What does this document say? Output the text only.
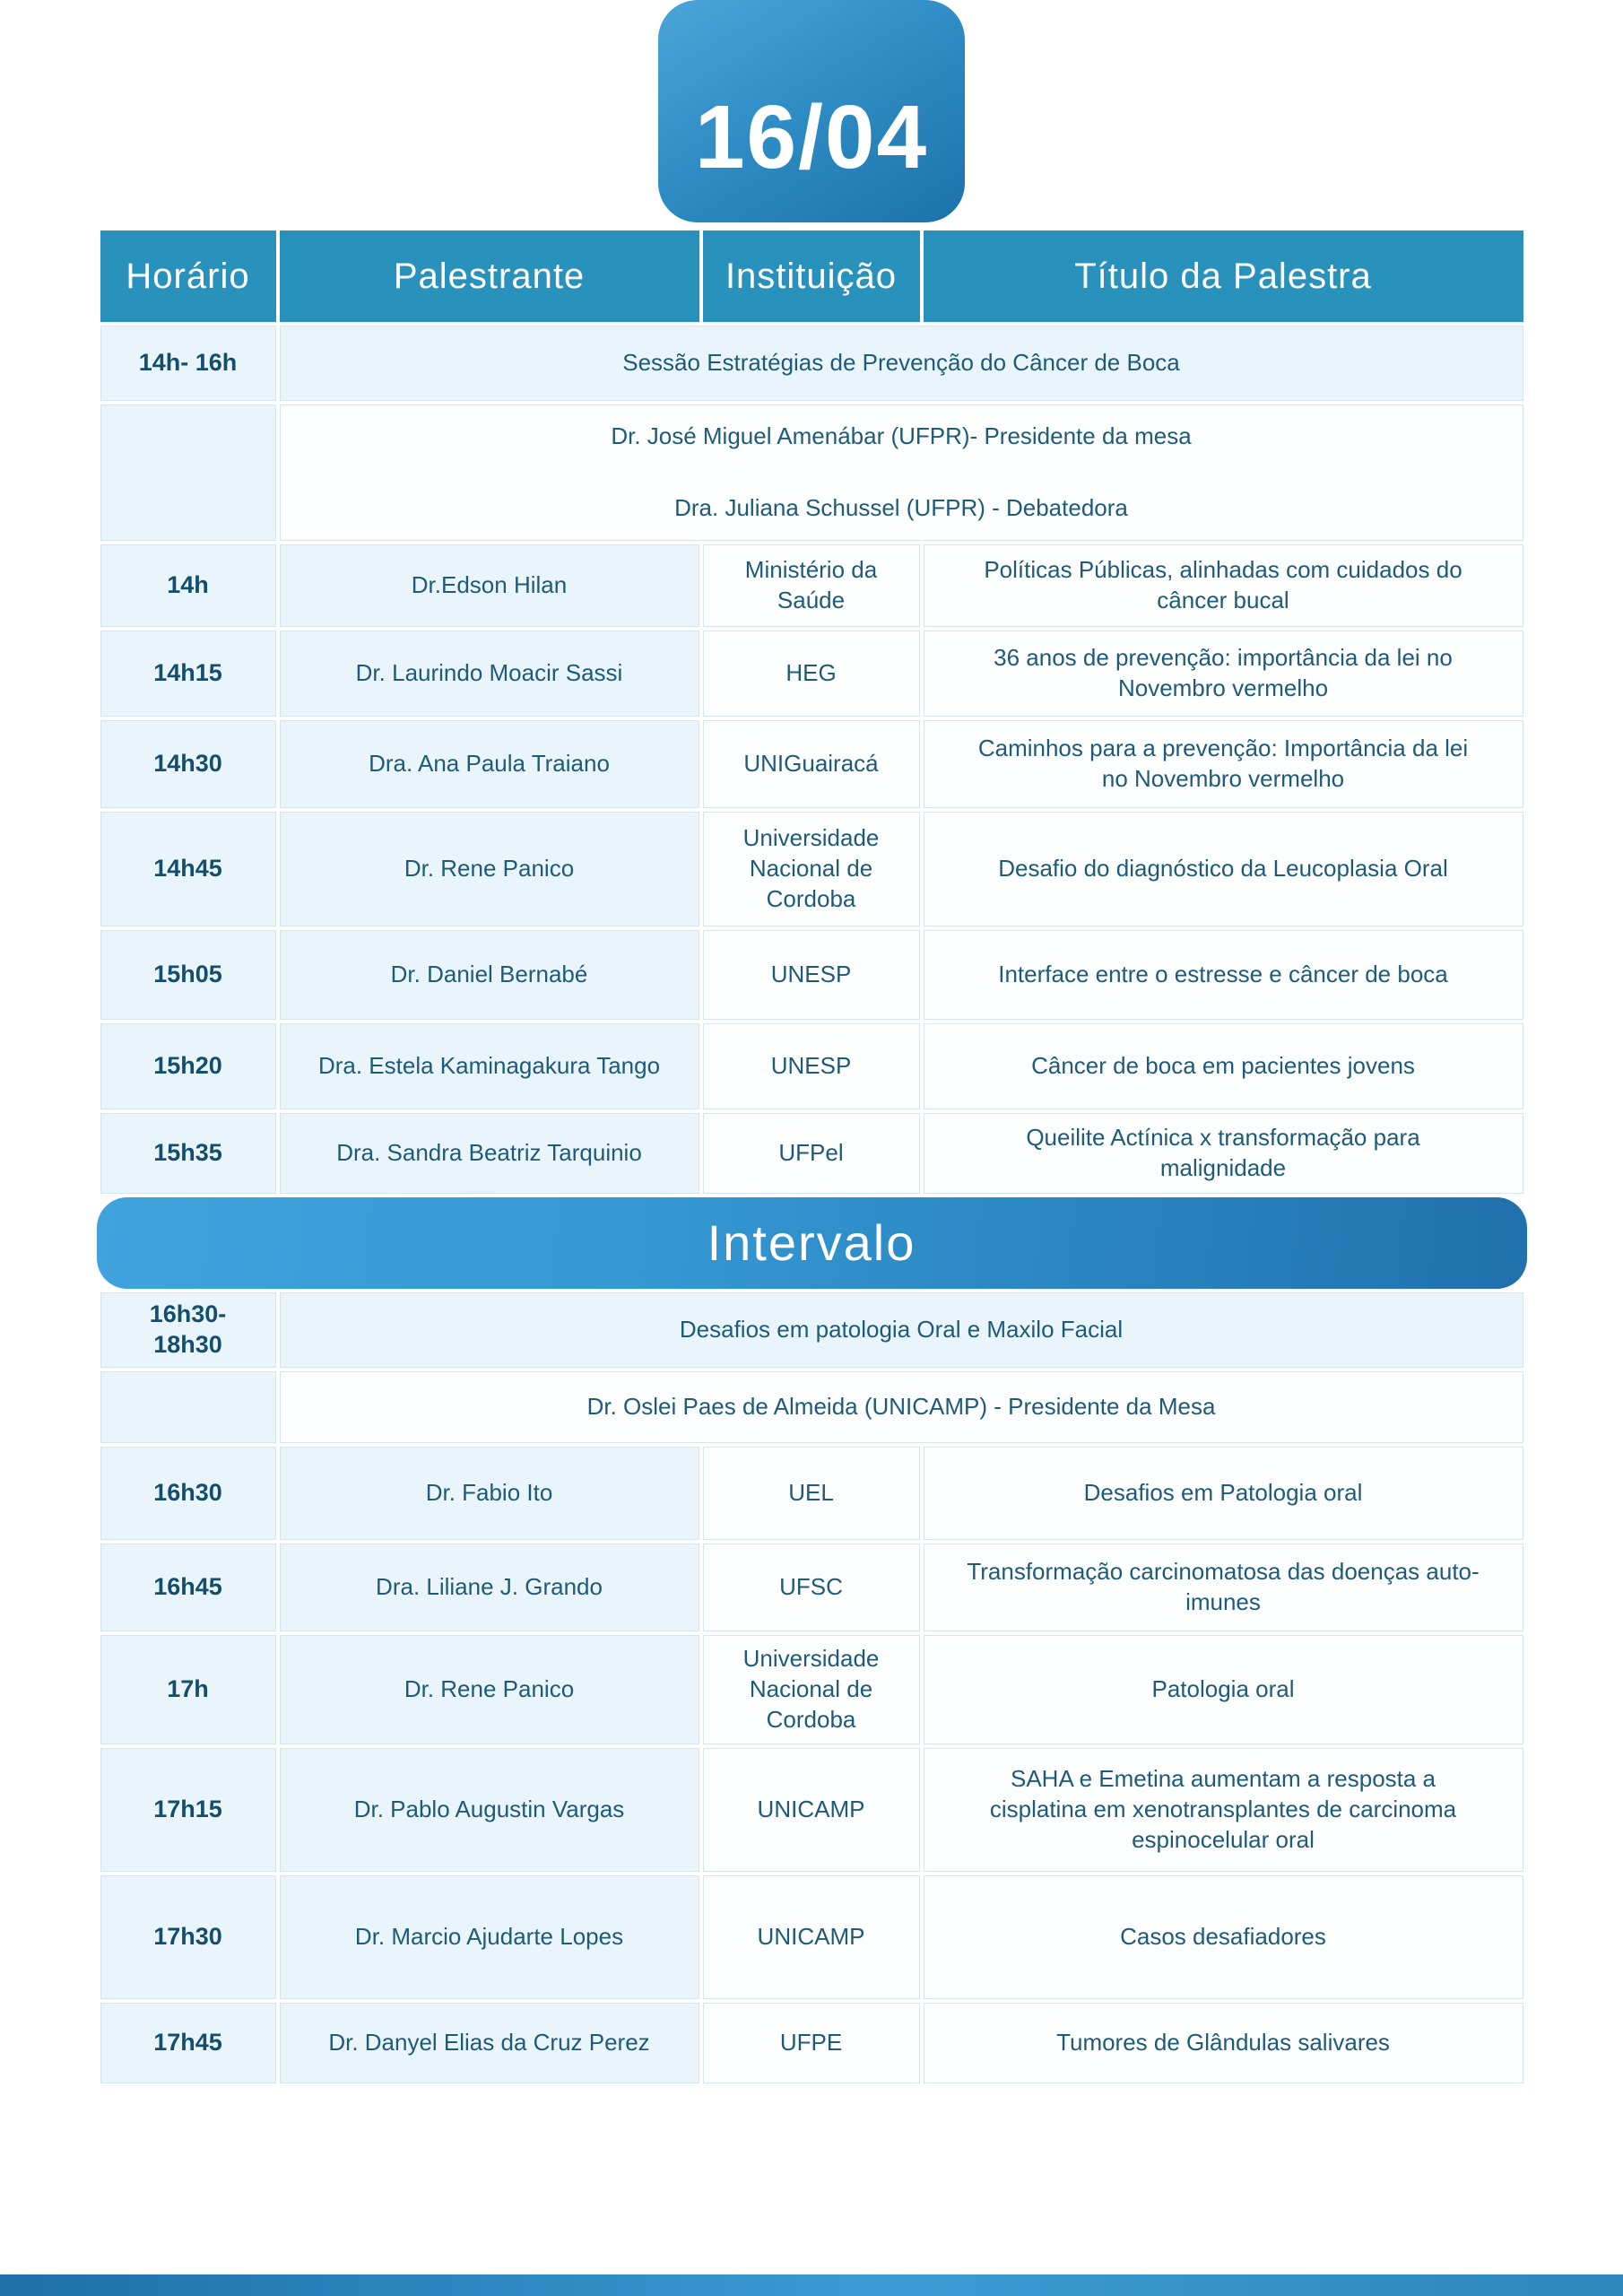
16/04
Horário	Palestrante	Instituição	Título da Palestra
14h- 16h	Sessão Estratégias de Prevenção do Câncer de Boca		

	Dr. José Miguel Amenábar (UFPR)- Presidente da mesa
Dra. Juliana Schussel (UFPR) - Debatedora		

14h	Dr.Edson Hilan	Ministério da Saúde	Políticas Públicas, alinhadas com cuidados do câncer bucal
14h15	Dr. Laurindo Moacir Sassi	HEG	36 anos de prevenção: importância da lei no Novembro vermelho
14h30	Dra. Ana Paula Traiano	UNIGuairacá	Caminhos para a prevenção: Importância da lei no Novembro vermelho
14h45	Dr. Rene Panico	Universidade Nacional de Cordoba	Desafio do diagnóstico da Leucoplasia Oral
15h05	Dr. Daniel Bernabé	UNESP	Interface entre o estresse e câncer de boca
15h20	Dra. Estela Kaminagakura Tango	UNESP	Câncer de boca em pacientes jovens
15h35	Dra. Sandra Beatriz Tarquinio	UFPel	Queilite Actínica x transformação para malignidade

Intervalo			

16h30-
18h30	Desafios em patologia Oral e Maxilo Facial		
	Dr. Oslei Paes de Almeida (UNICAMP) - Presidente da Mesa		
16h30	Dr. Fabio Ito	UEL	Desafios em Patologia oral
16h45	Dra. Liliane J. Grando	UFSC	Transformação carcinomatosa das doenças auto-imunes
17h	Dr. Rene Panico	Universidade Nacional de Cordoba	Patologia oral
17h15	Dr. Pablo Augustin Vargas	UNICAMP	SAHA e Emetina aumentam a resposta a cisplatina em xenotransplantes de carcinoma espinocelular oral
17h30	Dr. Marcio Ajudarte Lopes	UNICAMP	Casos desafiadores
17h45	Dr. Danyel Elias da Cruz Perez	UFPE	Tumores de Glândulas salivares
